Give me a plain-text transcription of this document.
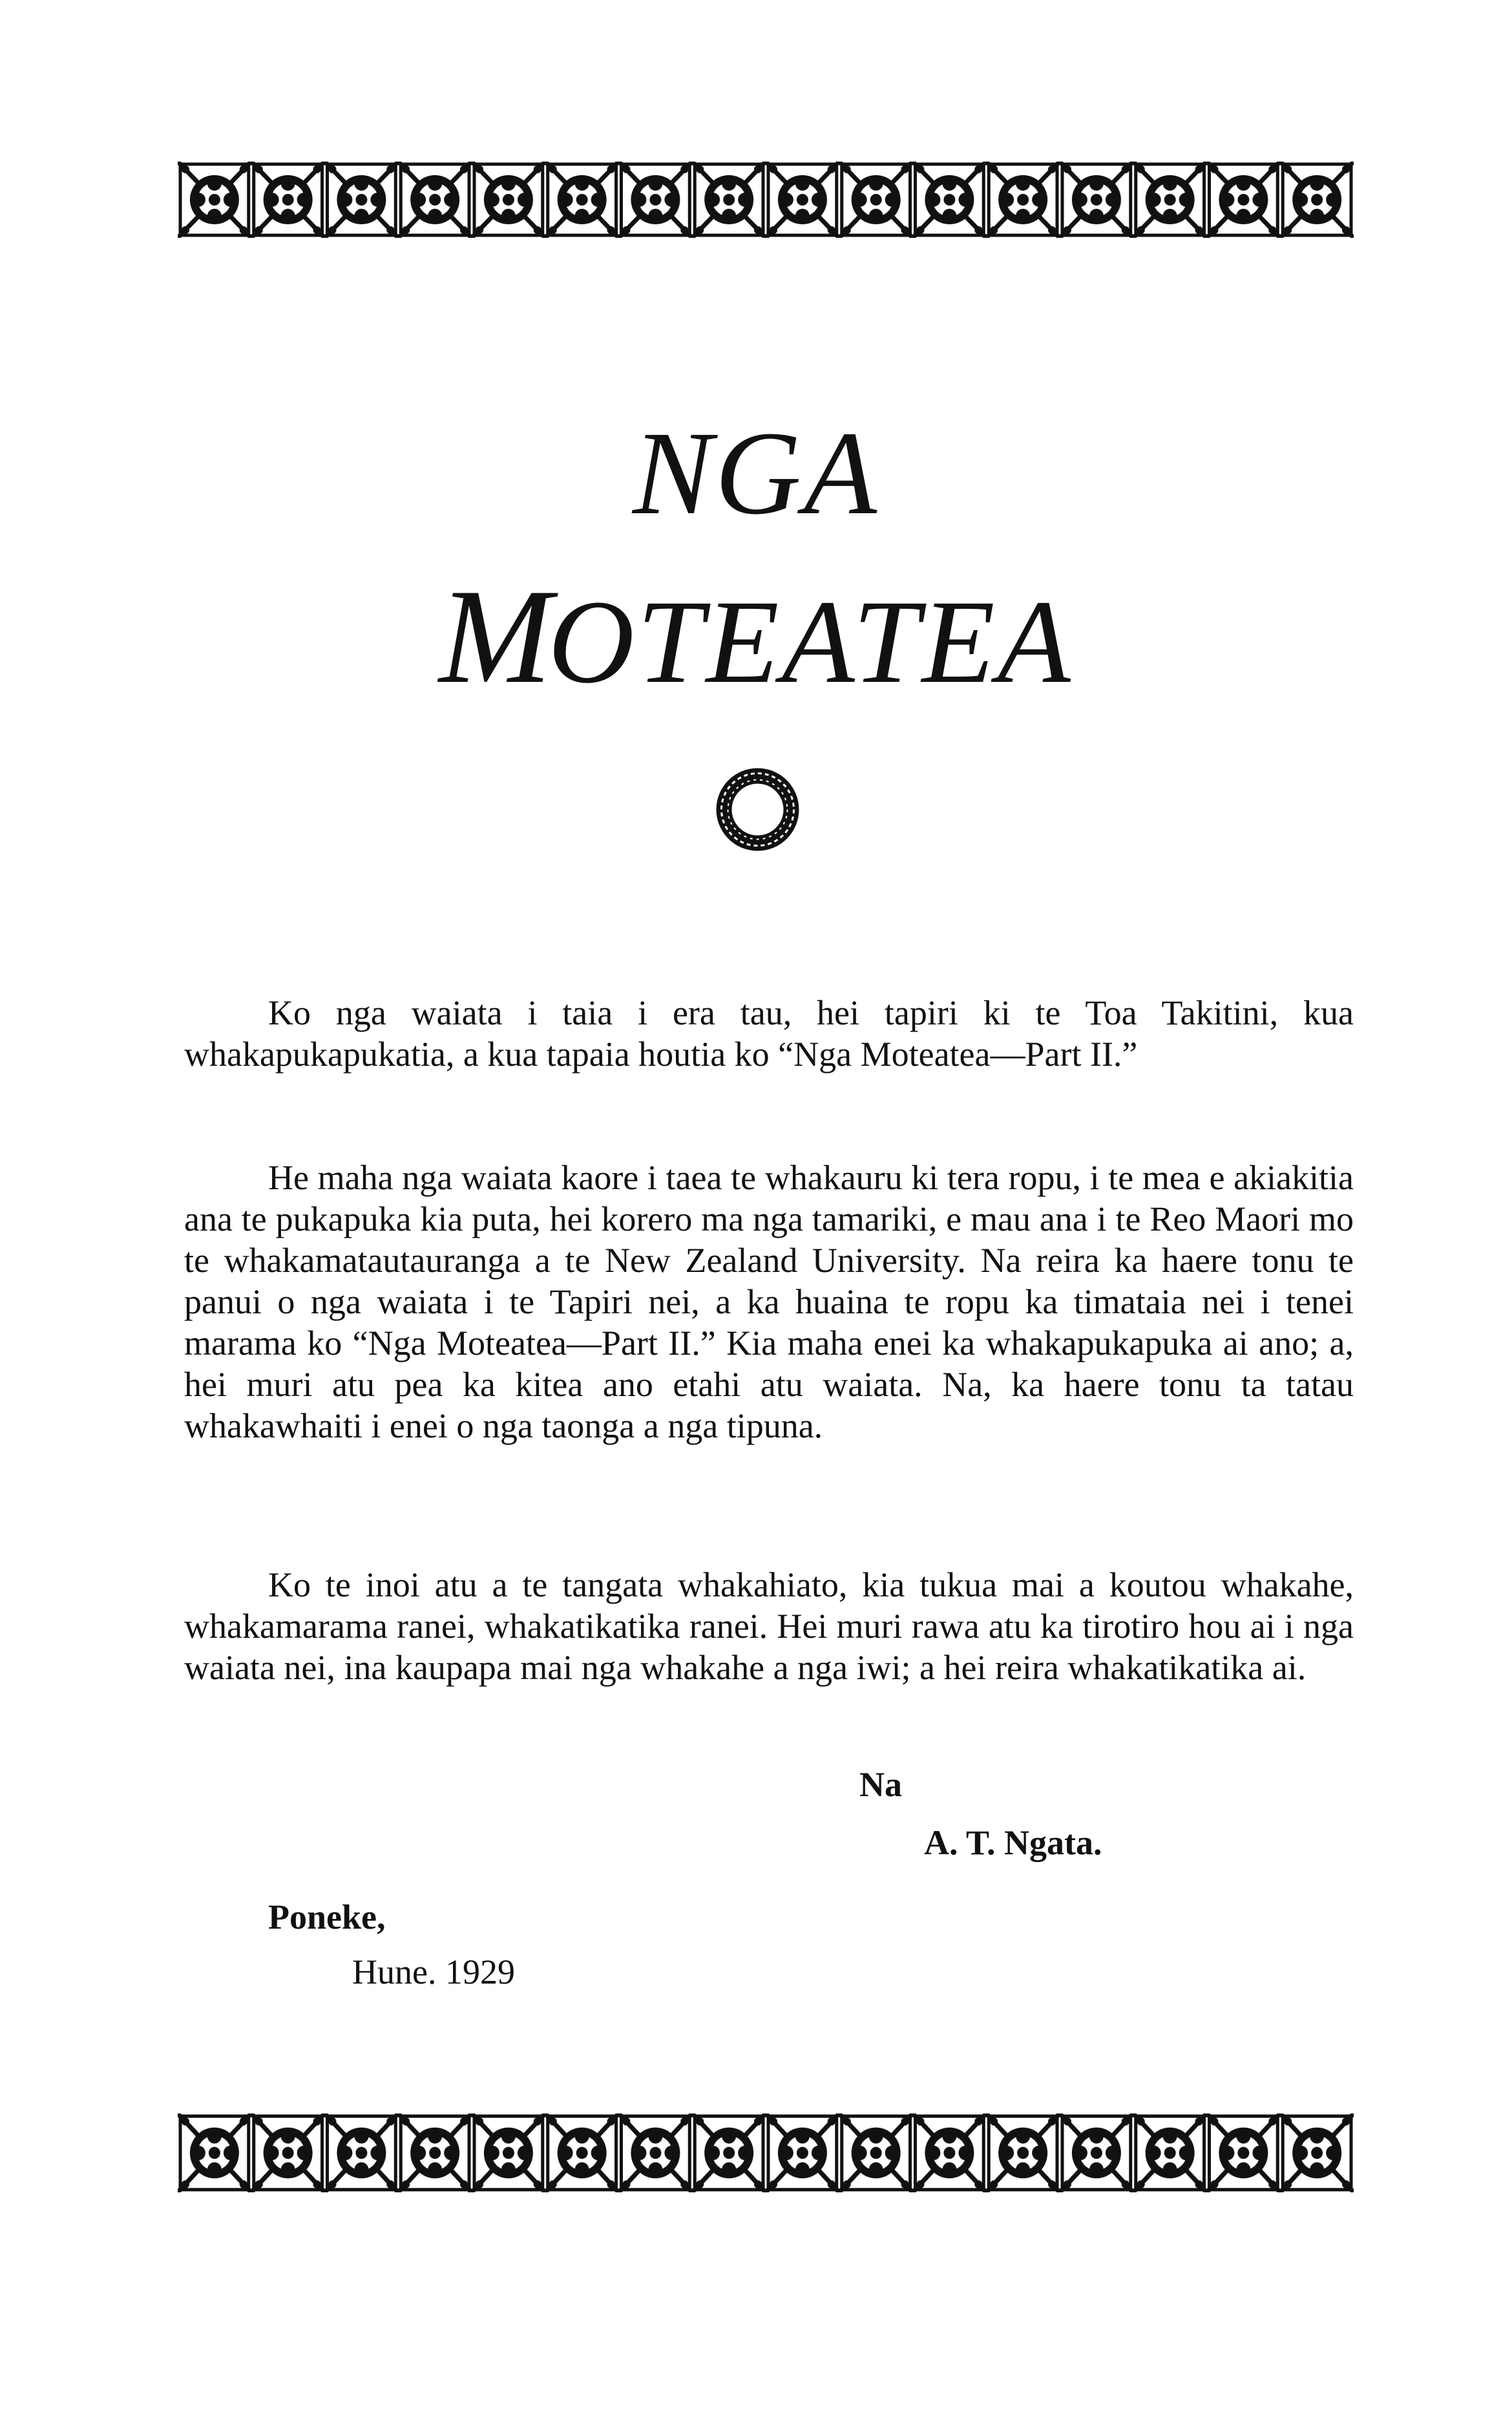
NGA
MOTEATEA

Ko nga waiata i taia i era tau, hei tapiri ki te Toa Takitini, kua whakapukapukatia, a kua tapaia houtia ko “Nga Moteatea—Part II.”

He maha nga waiata kaore i taea te whakauru ki tera ropu, i te mea e akiakitia ana te pukapuka kia puta, hei korero ma nga tamariki, e mau ana i te Reo Maori mo te whakamatautauranga a te New Zealand University. Na reira ka haere tonu te panui o nga waiata i te Tapiri nei, a ka huaina te ropu ka timataia nei i tenei marama ko “Nga Moteatea—Part II.” Kia maha enei ka whakapukapuka ai ano; a, hei muri atu pea ka kitea ano etahi atu waiata. Na, ka haere tonu ta tatau whakawhaiti i enei o nga taonga a nga tipuna.

Ko te inoi atu a te tangata whakahiato, kia tukua mai a koutou whakahe, whakamarama ranei, whakatikatika ranei. Hei muri rawa atu ka tirotiro hou ai i nga waiata nei, ina kaupapa mai nga whakahe a nga iwi; a hei reira whakatikatika ai.

Na
A. T. Ngata.
Poneke,
Hune. 1929
